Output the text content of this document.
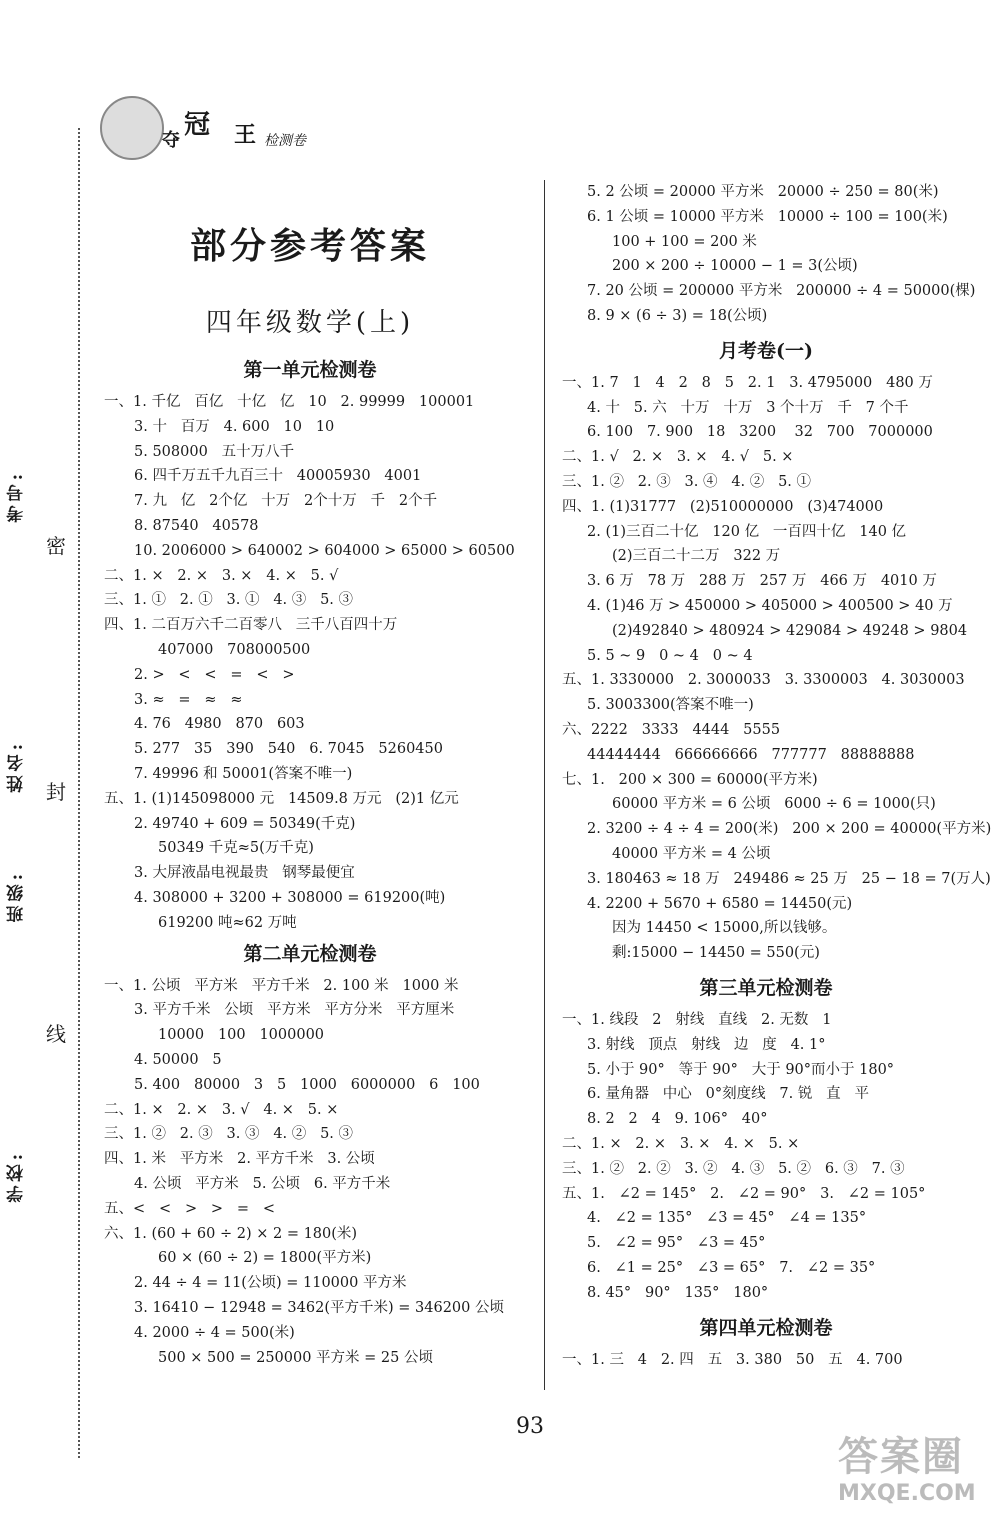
密
封
线
学校:
班级:
姓名:
考号:
夺
冠 王 检测卷
部分参考答案
四年级数学(上)
第一单元检测卷
一、1. 千亿   百亿   十亿   亿   10   2. 99999   100001
3. 十   百万   4. 600   10   10
5. 508000   五十万八千
6. 四千万五千九百三十   40005930   4001
7. 九   亿   2个亿   十万   2个十万   千   2个千
8. 87540   40578
10. 2006000 > 640002 > 604000 > 65000 > 60500
二、1. ×   2. ×   3. ×   4. ×   5. √
三、1. ①   2. ①   3. ①   4. ③   5. ③
四、1. 二百万六千二百零八   三千八百四十万
407000   708000500
2. >   <   <   =   <   >
3. ≈   =   ≈   ≈
4. 76   4980   870   603
5. 277   35   390   540   6. 7045   5260450
7. 49996 和 50001(答案不唯一)
五、1. (1)145098000 元   14509.8 万元   (2)1 亿元
2. 49740 + 609 = 50349(千克)
50349 千克≈5(万千克)
3. 大屏液晶电视最贵   钢琴最便宜
4. 308000 + 3200 + 308000 = 619200(吨)
619200 吨≈62 万吨
第二单元检测卷
一、1. 公顷   平方米   平方千米   2. 100 米   1000 米
3. 平方千米   公顷   平方米   平方分米   平方厘米
10000   100   1000000
4. 50000   5
5. 400   80000   3   5   1000   6000000   6   100
二、1. ×   2. ×   3. √   4. ×   5. ×
三、1. ②   2. ③   3. ③   4. ②   5. ③
四、1. 米   平方米   2. 平方千米   3. 公顷
4. 公顷   平方米   5. 公顷   6. 平方千米
五、<   <   >   >   =   <
六、1. (60 + 60 ÷ 2) × 2 = 180(米)
60 × (60 ÷ 2) = 1800(平方米)
2. 44 ÷ 4 = 11(公顷) = 110000 平方米
3. 16410 − 12948 = 3462(平方千米) = 346200 公顷
4. 2000 ÷ 4 = 500(米)
500 × 500 = 250000 平方米 = 25 公顷
5. 2 公顷 = 20000 平方米   20000 ÷ 250 = 80(米)
6. 1 公顷 = 10000 平方米   10000 ÷ 100 = 100(米)
100 + 100 = 200 米
200 × 200 ÷ 10000 − 1 = 3(公顷)
7. 20 公顷 = 200000 平方米   200000 ÷ 4 = 50000(棵)
8. 9 × (6 ÷ 3) = 18(公顷)
月考卷(一)
一、1. 7   1   4   2   8   5   2. 1   3. 4795000   480 万
4. 十   5. 六   十万   十万   3 个十万   千   7 个千
6. 100   7. 900   18   3200    32   700   7000000
二、1. √   2. ×   3. ×   4. √   5. ×
三、1. ②   2. ③   3. ④   4. ②   5. ①
四、1. (1)31777   (2)510000000   (3)474000
2. (1)三百二十亿   120 亿   一百四十亿   140 亿
(2)三百二十二万   322 万
3. 6 万   78 万   288 万   257 万   466 万   4010 万
4. (1)46 万 > 450000 > 405000 > 400500 > 40 万
(2)492840 > 480924 > 429084 > 49248 > 9804
5. 5 ~ 9   0 ~ 4   0 ~ 4
五、1. 3330000   2. 3000033   3. 3300003   4. 3030003
5. 3003300(答案不唯一)
六、2222   3333   4444   5555
44444444   666666666   777777   88888888
七、1.   200 × 300 = 60000(平方米)
60000 平方米 = 6 公顷   6000 ÷ 6 = 1000(只)
2. 3200 ÷ 4 ÷ 4 = 200(米)   200 × 200 = 40000(平方米)
40000 平方米 = 4 公顷
3. 180463 ≈ 18 万   249486 ≈ 25 万   25 − 18 = 7(万人)
4. 2200 + 5670 + 6580 = 14450(元)
因为 14450 < 15000,所以钱够。
剩:15000 − 14450 = 550(元)
第三单元检测卷
一、1. 线段   2   射线   直线   2. 无数   1
3. 射线   顶点   射线   边   度   4. 1°
5. 小于 90°   等于 90°   大于 90°而小于 180°
6. 量角器   中心   0°刻度线   7. 锐   直   平
8. 2   2   4   9. 106°   40°
二、1. ×   2. ×   3. ×   4. ×   5. ×
三、1. ②   2. ②   3. ②   4. ③   5. ②   6. ③   7. ③
五、1.   ∠2 = 145°   2.   ∠2 = 90°   3.   ∠2 = 105°
4.   ∠2 = 135°   ∠3 = 45°   ∠4 = 135°
5.   ∠2 = 95°   ∠3 = 45°
6.   ∠1 = 25°   ∠3 = 65°   7.   ∠2 = 35°
8. 45°   90°   135°   180°
第四单元检测卷
一、1. 三   4   2. 四   五   3. 380   50   五   4. 700
93
答案圈
MXQE.COM
